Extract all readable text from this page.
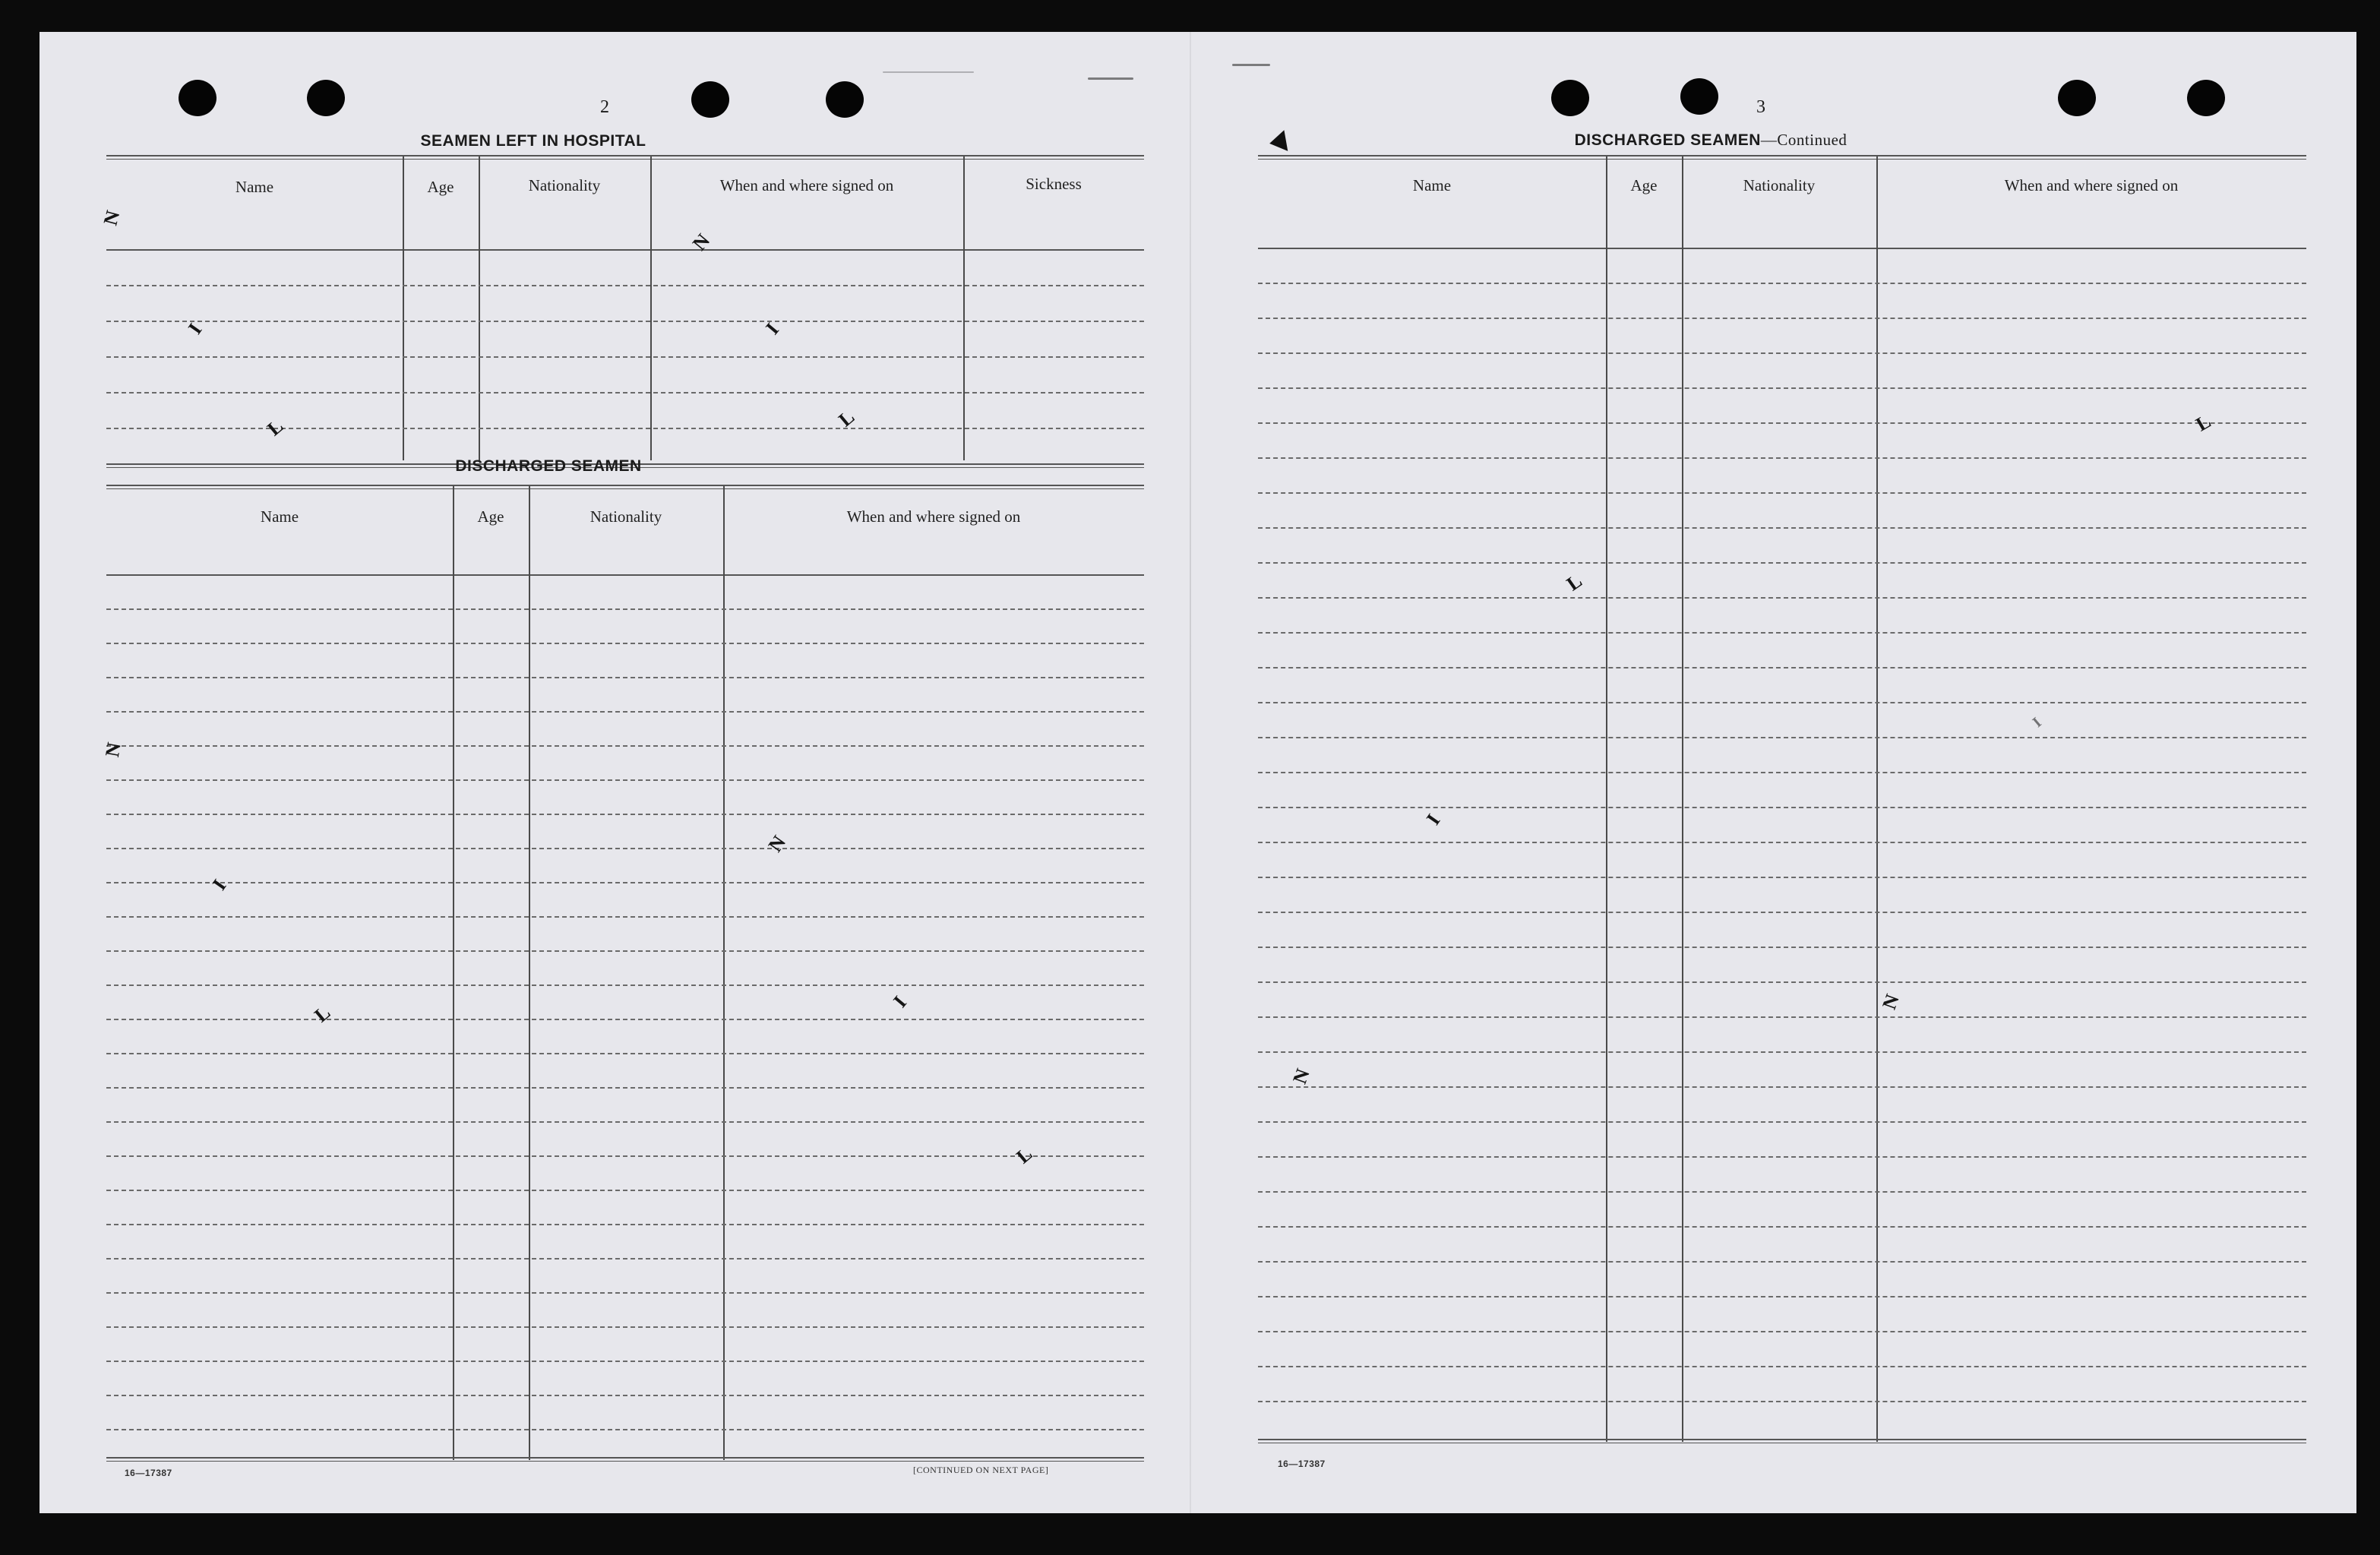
2
SEAMEN LEFT IN HOSPITAL
Name	Age	Nationality	When and where signed on	Sickness
DISCHARGED SEAMEN
Name	Age	Nationality	When and where signed on
16—17387	[CONTINUED ON NEXT PAGE]
N
I
L
N
I
L
N
I
L
N
I
L
3
DISCHARGED SEAMEN—Continued
Name	Age	Nationality	When and where signed on
16—17387
L
L
I
I
N
N
